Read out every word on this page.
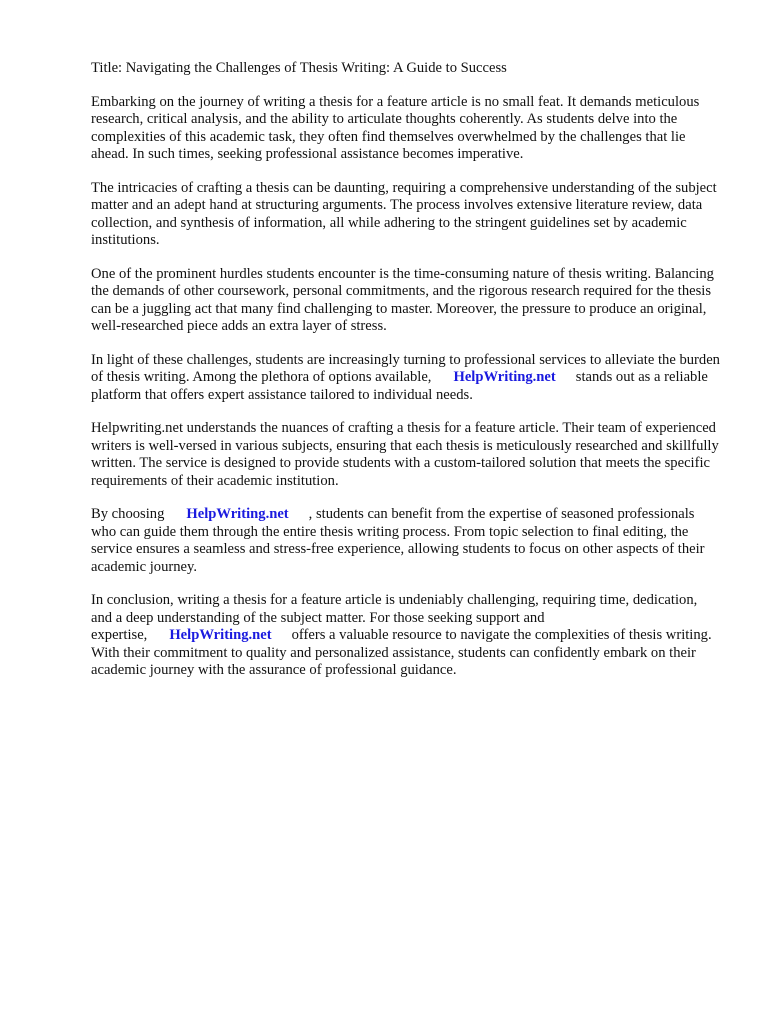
Title: Navigating the Challenges of Thesis Writing: A Guide to Success

Embarking on the journey of writing a thesis for a feature article is no small feat. It demands meticulous research, critical analysis, and the ability to articulate thoughts coherently. As students delve into the complexities of this academic task, they often find themselves overwhelmed by the challenges that lie ahead. In such times, seeking professional assistance becomes imperative.

The intricacies of crafting a thesis can be daunting, requiring a comprehensive understanding of the subject matter and an adept hand at structuring arguments. The process involves extensive literature review, data collection, and synthesis of information, all while adhering to the stringent guidelines set by academic institutions.

One of the prominent hurdles students encounter is the time-consuming nature of thesis writing. Balancing the demands of other coursework, personal commitments, and the rigorous research required for the thesis can be a juggling act that many find challenging to master. Moreover, the pressure to produce an original, well-researched piece adds an extra layer of stress.

In light of these challenges, students are increasingly turning to professional services to alleviate the burden of thesis writing. Among the plethora of options available, HelpWriting.net stands out as a reliable platform that offers expert assistance tailored to individual needs.

Helpwriting.net understands the nuances of crafting a thesis for a feature article. Their team of experienced writers is well-versed in various subjects, ensuring that each thesis is meticulously researched and skillfully written. The service is designed to provide students with a custom-tailored solution that meets the specific requirements of their academic institution.

By choosing HelpWriting.net , students can benefit from the expertise of seasoned professionals who can guide them through the entire thesis writing process. From topic selection to final editing, the service ensures a seamless and stress-free experience, allowing students to focus on other aspects of their academic journey.

In conclusion, writing a thesis for a feature article is undeniably challenging, requiring time, dedication, and a deep understanding of the subject matter. For those seeking support and expertise, HelpWriting.net offers a valuable resource to navigate the complexities of thesis writing. With their commitment to quality and personalized assistance, students can confidently embark on their academic journey with the assurance of professional guidance.
